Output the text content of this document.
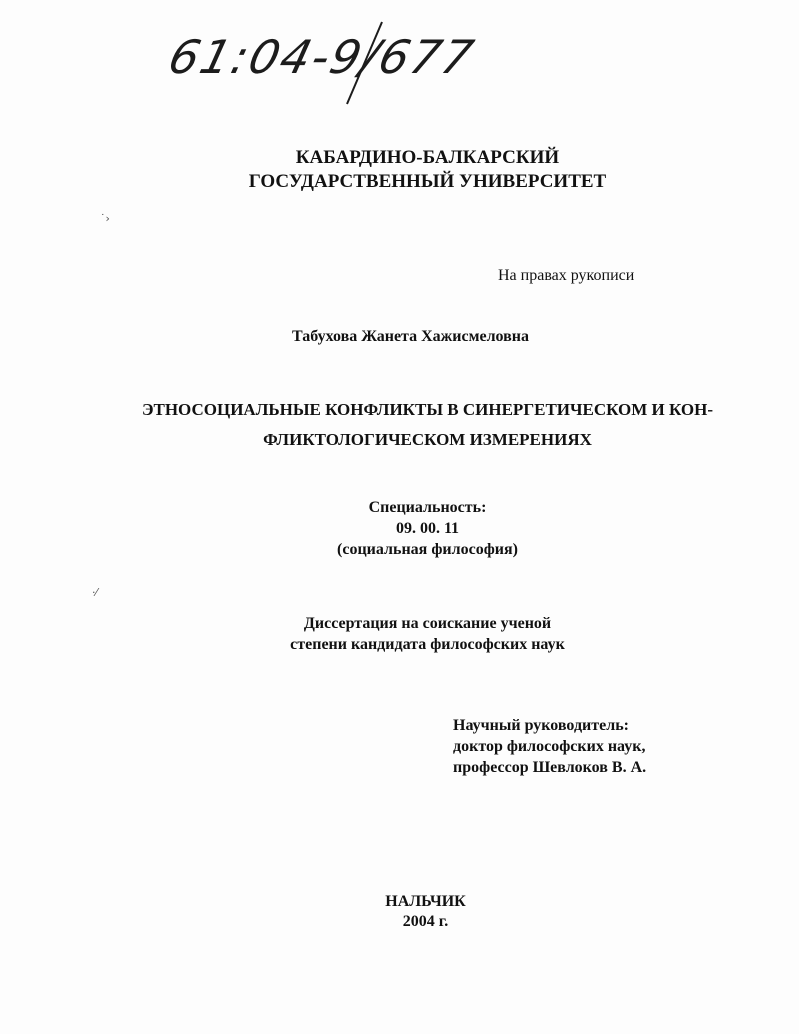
61:04-9/677
КАБАРДИНО-БАЛКАРСКИЙ
ГОСУДАРСТВЕННЫЙ УНИВЕРСИТЕТ
˙›
На правах рукописи
Табухова Жанета Хажисмеловна
ЭТНОСОЦИАЛЬНЫЕ КОНФЛИКТЫ В СИНЕРГЕТИЧЕСКОМ И КОН-
ФЛИКТОЛОГИЧЕСКОМ ИЗМЕРЕНИЯХ
Специальность:
09. 00. 11
(социальная философия)
·⁄
Диссертация на соискание ученой
степени кандидата философских наук
Научный руководитель:
доктор философских наук,
профессор Шевлоков В. А.
НАЛЬЧИК
2004 г.
